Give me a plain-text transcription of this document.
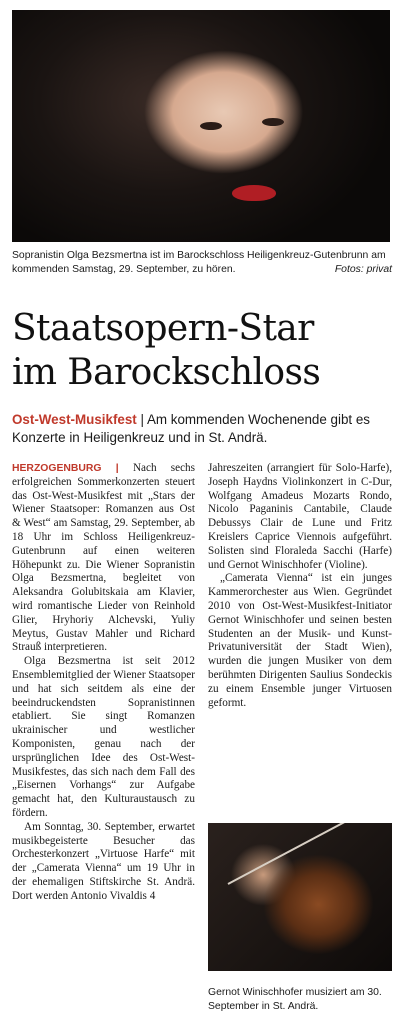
Sopranistin Olga Bezsmertna ist im Barockschloss Heiligenkreuz-Gutenbrunn am kommenden Samstag, 29. September, zu hören.	Fotos: privat
Staatsopern-Star
im Barockschloss
Ost-West-Musikfest | Am kommenden Wochenende gibt es Konzerte in Heiligenkreuz und in St. Andrä.

HERZOGENBURG | Nach sechs erfolgreichen Sommerkonzerten steuert das Ost-West-Musikfest mit „Stars der Wiener Staatsoper: Romanzen aus Ost & West“ am Samstag, 29. September, ab 18 Uhr im Schloss Heiligenkreuz-Gutenbrunn auf einen weiteren Höhepunkt zu. Die Wiener Sopranistin Olga Bezsmertna, begleitet von Aleksandra Golubitskaia am Klavier, wird romantische Lieder von Reinhold Glier, Hryhoriy Alchevski, Yuliy Meytus, Gustav Mahler und Richard Strauß interpretieren.

Olga Bezsmertna ist seit 2012 Ensemblemitglied der Wiener Staatsoper und hat sich seitdem als eine der beeindruckendsten Sopranistinnen etabliert. Sie singt Romanzen ukrainischer und westlicher Komponisten, genau nach der ursprünglichen Idee des Ost-West-Musikfestes, das sich nach dem Fall des „Eisernen Vorhangs“ zur Aufgabe gemacht hat, den Kulturaustausch zu fördern.

Am Sonntag, 30. September, erwartet musikbegeisterte Besucher das Orchesterkonzert „Virtuose Harfe“ mit der „Camerata Vienna“ um 19 Uhr in der ehemaligen Stiftskirche St. Andrä. Dort werden Antonio Vivaldis 4

Jahreszeiten (arrangiert für Solo-Harfe), Joseph Haydns Violinkonzert in C-Dur, Wolfgang Amadeus Mozarts Rondo, Nicolo Paganinis Cantabile, Claude Debussys Clair de Lune und Fritz Kreislers Caprice Viennois aufgeführt. Solisten sind Floraleda Sacchi (Harfe) und Gernot Winischhofer (Violine).

„Camerata Vienna“ ist ein junges Kammerorchester aus Wien. Gegründet 2010 von Ost-West-Musikfest-Initiator Gernot Winischhofer und seinen besten Studenten an der Musik- und Kunst-Privatuniversität der Stadt Wien), wurden die jungen Musiker von dem berühmten Dirigenten Saulius Sondeckis zu einem Ensemble junger Virtuosen geformt.

Gernot Winischhofer musiziert am 30. September in St. Andrä.
